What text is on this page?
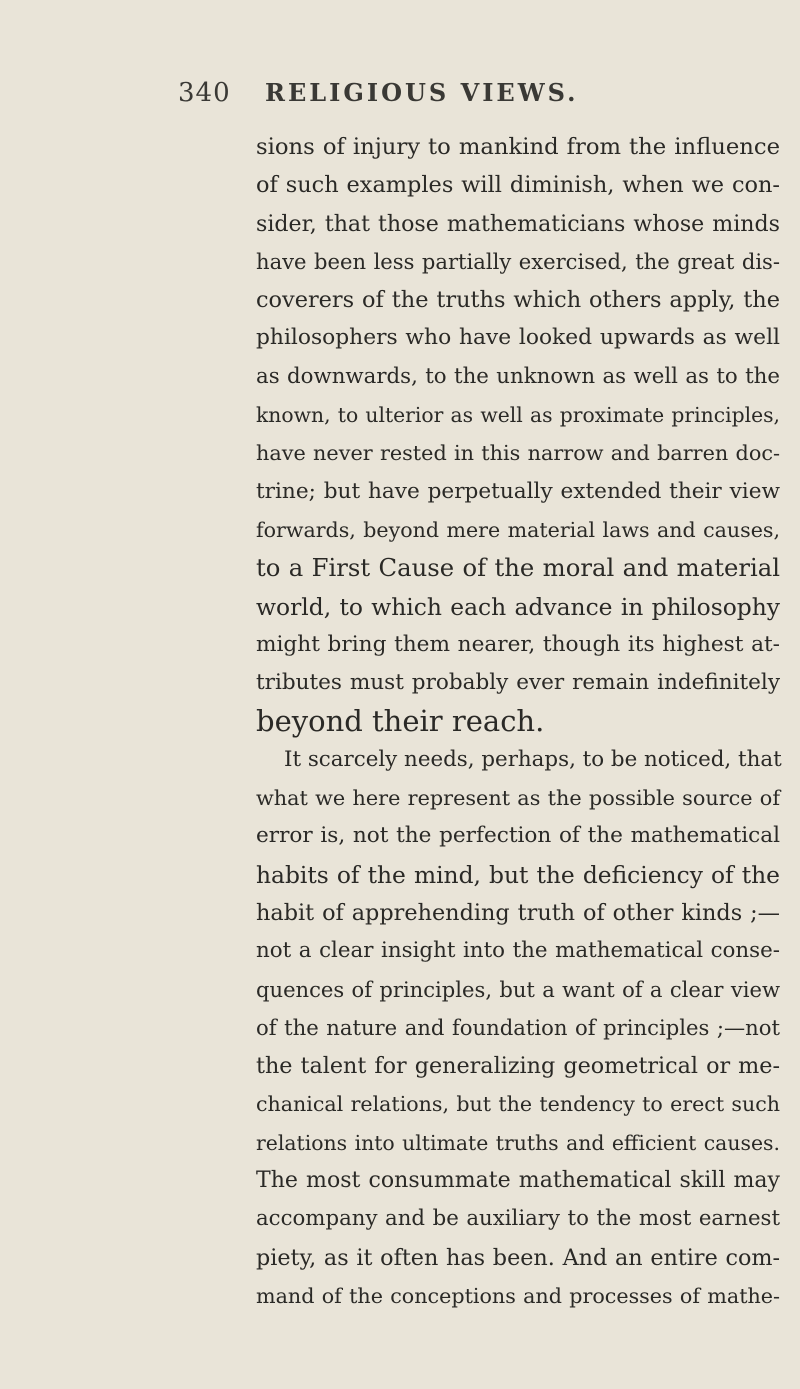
340 RELIGIOUS VIEWS.
sions of injury to mankind from the influence
of such examples will diminish, when we con-
sider, that those mathematicians whose minds
have been less partially exercised, the great dis-
coverers of the truths which others apply, the
philosophers who have looked upwards as well
as downwards, to the unknown as well as to the
known, to ulterior as well as proximate principles,
have never rested in this narrow and barren doc-
trine; but have perpetually extended their view
forwards, beyond mere material laws and causes,
to a First Cause of the moral and material
world, to which each advance in philosophy
might bring them nearer, though its highest at-
tributes must probably ever remain indefinitely
beyond their reach.
It scarcely needs, perhaps, to be noticed, that
what we here represent as the possible source of
error is, not the perfection of the mathematical
habits of the mind, but the deficiency of the
habit of apprehending truth of other kinds ;—
not a clear insight into the mathematical conse-
quences of principles, but a want of a clear view
of the nature and foundation of principles ;—not
the talent for generalizing geometrical or me-
chanical relations, but the tendency to erect such
relations into ultimate truths and efficient causes.
The most consummate mathematical skill may
accompany and be auxiliary to the most earnest
piety, as it often has been. And an entire com-
mand of the conceptions and processes of mathe-
